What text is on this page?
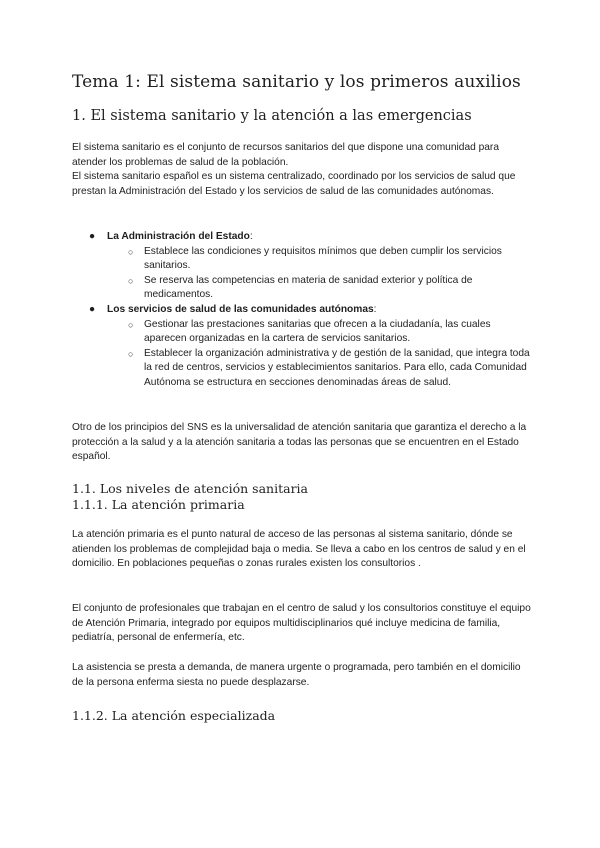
Tema 1: El sistema sanitario y los primeros auxilios
1. El sistema sanitario y la atención a las emergencias

El sistema sanitario es el conjunto de recursos sanitarios del que dispone una comunidad para atender los problemas de salud de la población.

El sistema sanitario español es un sistema centralizado, coordinado por los servicios de salud que prestan la Administración del Estado y los servicios de salud de las comunidades autónomas.

● La Administración del Estado:
○ Establece las condiciones y requisitos mínimos que deben cumplir los servicios sanitarios.
○ Se reserva las competencias en materia de sanidad exterior y política de medicamentos.
● Los servicios de salud de las comunidades autónomas:
○ Gestionar las prestaciones sanitarias que ofrecen a la ciudadanía, las cuales aparecen organizadas en la cartera de servicios sanitarios.
○ Establecer la organización administrativa y de gestión de la sanidad, que integra toda la red de centros, servicios y establecimientos sanitarios. Para ello, cada Comunidad Autónoma se estructura en secciones denominadas áreas de salud.

Otro de los principios del SNS es la universalidad de atención sanitaria que garantiza el derecho a la protección a la salud y a la atención sanitaria a todas las personas que se encuentren en el Estado español.

1.1. Los niveles de atención sanitaria
1.1.1. La atención primaria

La atención primaria es el punto natural de acceso de las personas al sistema sanitario, dónde se atienden los problemas de complejidad baja o media. Se lleva a cabo en los centros de salud y en el domicilio. En poblaciones pequeñas o zonas rurales existen los consultorios .

El conjunto de profesionales que trabajan en el centro de salud y los consultorios constituye el equipo de Atención Primaria, integrado por equipos multidisciplinarios qué incluye medicina de familia, pediatría, personal de enfermería, etc.

La asistencia se presta a demanda, de manera urgente o programada, pero también en el domicilio de la persona enferma siesta no puede desplazarse.

1.1.2. La atención especializada
